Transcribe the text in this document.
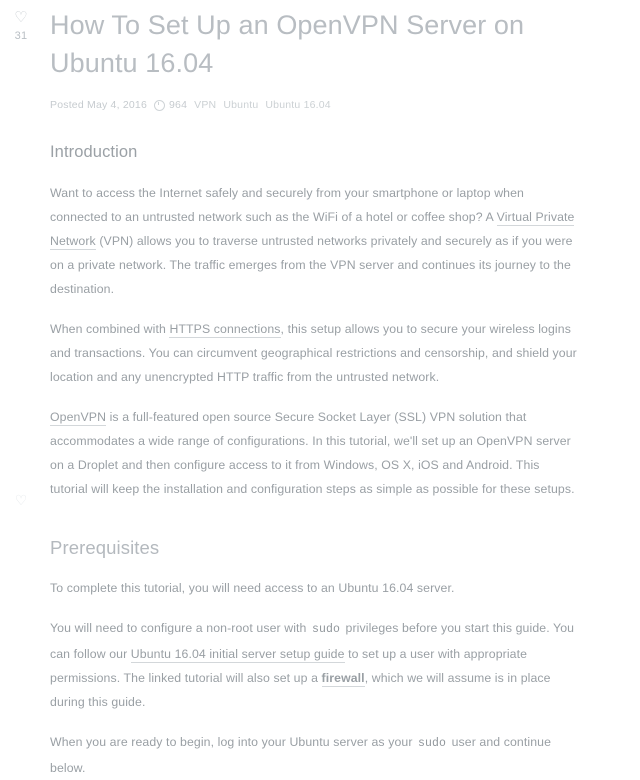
♡
31
♡
How To Set Up an OpenVPN Server on Ubuntu 16.04
Posted May 4, 2016 964 VPN Ubuntu Ubuntu 16.04
Introduction

Want to access the Internet safely and securely from your smartphone or laptop when connected to an untrusted network such as the WiFi of a hotel or coffee shop? A Virtual Private Network (VPN) allows you to traverse untrusted networks privately and securely as if you were on a private network. The traffic emerges from the VPN server and continues its journey to the destination.

When combined with HTTPS connections, this setup allows you to secure your wireless logins and transactions. You can circumvent geographical restrictions and censorship, and shield your location and any unencrypted HTTP traffic from the untrusted network.

OpenVPN is a full-featured open source Secure Socket Layer (SSL) VPN solution that accommodates a wide range of configurations. In this tutorial, we'll set up an OpenVPN server on a Droplet and then configure access to it from Windows, OS X, iOS and Android. This tutorial will keep the installation and configuration steps as simple as possible for these setups.

Prerequisites

To complete this tutorial, you will need access to an Ubuntu 16.04 server.

You will need to configure a non-root user with sudo privileges before you start this guide. You can follow our Ubuntu 16.04 initial server setup guide to set up a user with appropriate permissions. The linked tutorial will also set up a firewall, which we will assume is in place during this guide.

When you are ready to begin, log into your Ubuntu server as your sudo user and continue below.
